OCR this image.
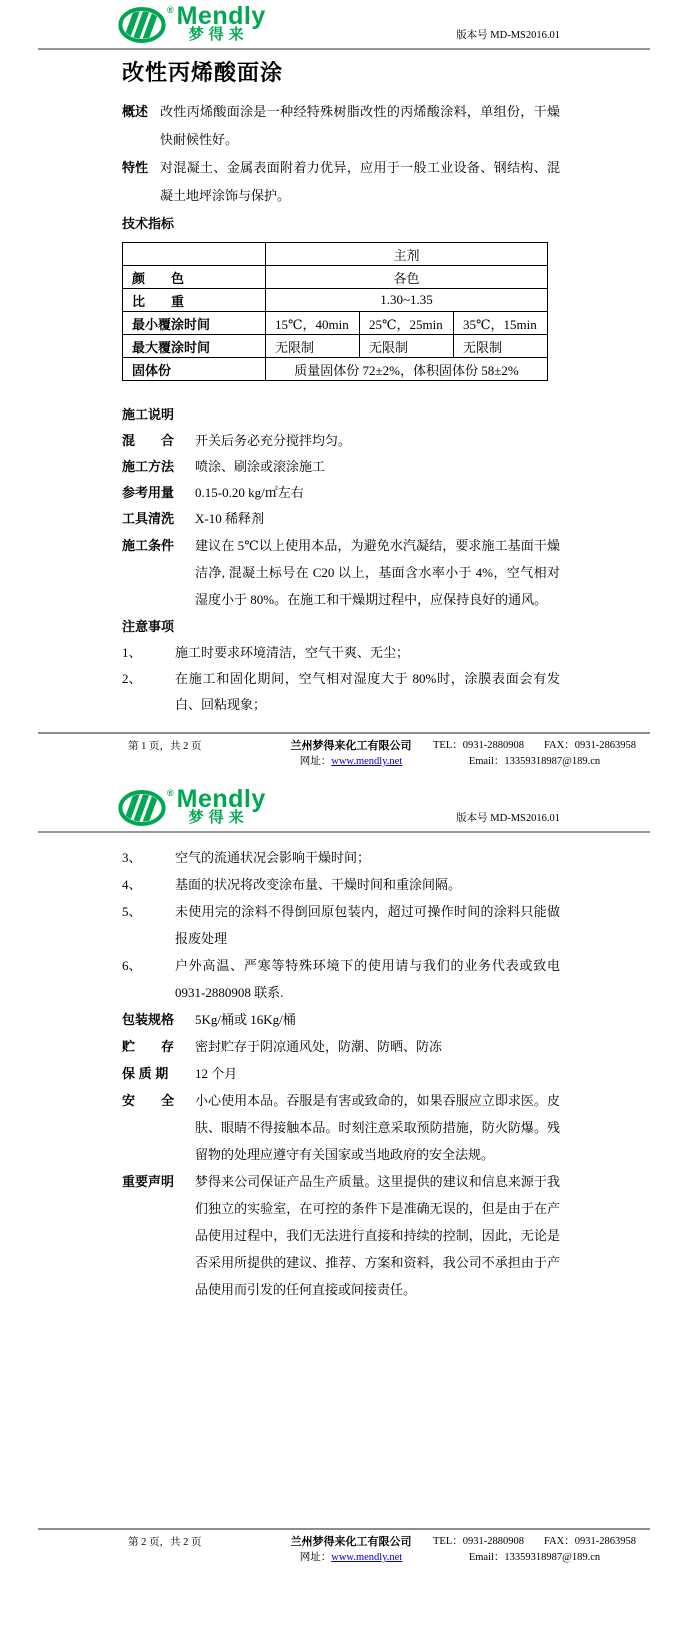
® Mendly
梦得来	版本号 MD-MS2016.01
改性丙烯酸面涂
概述 改性丙烯酸面涂是一种经特殊树脂改性的丙烯酸涂料，单组份，干燥快耐候性好。
特性 对混凝土、金属表面附着力优异，应用于一般工业设备、钢结构、混凝土地坪涂饰与保护。
技术指标
	主剂		
颜　　色	各色		
比　　重	1.30~1.35		
最小覆涂时间	15℃，40min	25℃，25min	35℃，15min
最大覆涂时间	无限制	无限制	无限制
固体份	质量固体份 72±2%，体积固体份 58±2%		
施工说明
混　　合 开关后务必充分搅拌均匀。
施工方法 喷涂、刷涂或滚涂施工
参考用量 0.15-0.20 kg/㎡左右
工具清洗 X-10 稀释剂
施工条件 建议在 5℃以上使用本品，为避免水汽凝结，要求施工基面干燥洁净, 混凝土标号在 C20 以上，基面含水率小于 4%，空气相对湿度小于 80%。在施工和干燥期过程中，应保持良好的通风。
注意事项
1、	施工时要求环境清洁，空气干爽、无尘；
2、	在施工和固化期间，空气相对湿度大于 80%时，涂膜表面会有发白、回粘现象；
第 1 页，共 2 页	兰州梦得来化工有限公司
网址：www.mendly.net
TEL：0931-2880908 FAX：0931-2863958
Email：13359318987@189.cn
® Mendly
梦得来	版本号 MD-MS2016.01
3、	空气的流通状况会影响干燥时间；
4、	基面的状况将改变涂布量、干燥时间和重涂间隔。
5、	未使用完的涂料不得倒回原包装内，超过可操作时间的涂料只能做报废处理
6、	户外高温、严寒等特殊环境下的使用请与我们的业务代表或致电 0931-2880908 联系.
包装规格 5Kg/桶或 16Kg/桶
贮　　存 密封贮存于阴凉通风处，防潮、防晒、防冻
保 质 期	12 个月
安　　全 小心使用本品。吞服是有害或致命的，如果吞服应立即求医。皮肤、眼睛不得接触本品。时刻注意采取预防措施，防火防爆。残留物的处理应遵守有关国家或当地政府的安全法规。
重要声明 梦得来公司保证产品生产质量。这里提供的建议和信息来源于我们独立的实验室，在可控的条件下是准确无误的，但是由于在产品使用过程中，我们无法进行直接和持续的控制，因此，无论是否采用所提供的建议、推荐、方案和资料，我公司不承担由于产品使用而引发的任何直接或间接责任。
第 2 页，共 2 页	兰州梦得来化工有限公司
网址：www.mendly.net
TEL：0931-2880908 FAX：0931-2863958
Email：13359318987@189.cn
